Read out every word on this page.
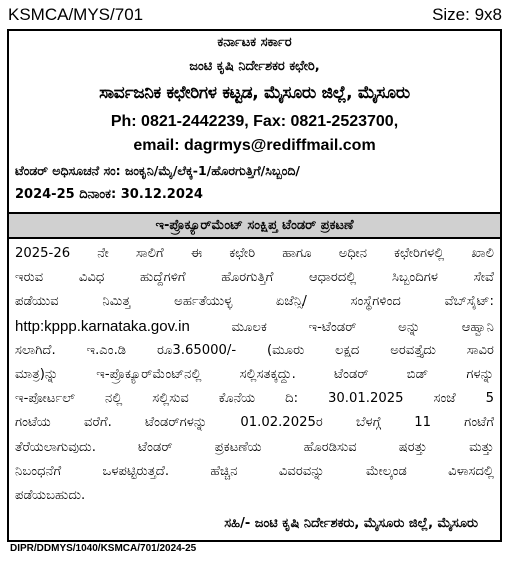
KSMCA/MYS/701	Size: 9x8
ಕರ್ನಾಟಕ ಸರ್ಕಾರ
ಜಂಟಿ ಕೃಷಿ ನಿರ್ದೇಶಕರ ಕಛೇರಿ,
ಸಾರ್ವಜನಿಕ ಕಛೇರಿಗಳ ಕಟ್ಟಡ, ಮೈಸೂರು ಜಿಲ್ಲೆ, ಮೈಸೂರು
Ph: 0821-2442239, Fax: 0821-2523700,
email: dagrmys@rediffmail.com
ಟೆಂಡರ್ ಅಧಿಸೂಚನೆ ಸಂ: ಜಂಕೃನಿ/ಮೈ/ಲೆಕ್ಕ-1/ಹೊರಗುತ್ತಿಗೆ/ಸಿಬ್ಬಂದಿ/
2024-25 ದಿನಾಂಕ: 30.12.2024
ಇ-ಪ್ರೊಕ್ಯೂರ್‌ಮೆಂಟ್ ಸಂಕ್ಷಿಪ್ತ ಟೆಂಡರ್ ಪ್ರಕಟಣೆ
2025-26 ನೇ ಸಾಲಿಗೆ ಈ ಕಛೇರಿ ಹಾಗೂ ಅಧೀನ ಕಛೇರಿಗಳಲ್ಲಿ ಖಾಲಿ
ಇರುವ ವಿವಿಧ ಹುದ್ದೆಗಳಿಗೆ ಹೊರಗುತ್ತಿಗೆ ಆಧಾರದಲ್ಲಿ ಸಿಬ್ಬಂದಿಗಳ ಸೇವೆ
ಪಡೆಯುವ ನಿಮಿತ್ತ ಅರ್ಹತೆಯುಳ್ಳ ಏಜೆನ್ಸಿ/ ಸಂಸ್ಥೆಗಳಿಂದ ವೆಬ್‌ಸೈಟ್:
http:kppp.karnataka.gov.in ಮೂಲಕ ಇ-ಟೆಂಡರ್ ಅನ್ನು ಆಹ್ವಾನಿ
ಸಲಾಗಿದೆ. ಇ.ಎಂ.ಡಿ ರೂ3.65000/- (ಮೂರು ಲಕ್ಷದ ಅರವತ್ತೈದು ಸಾವಿರ
ಮಾತ್ರ)ನ್ನು ಇ-ಪ್ರೊಕ್ಯೂರ್‌ಮೆಂಟ್‌ನಲ್ಲಿ ಸಲ್ಲಿಸತಕ್ಕದ್ದು. ಟೆಂಡರ್ ಬಿಡ್ ಗಳನ್ನು
ಇ-ಪೋರ್ಟಲ್ ನಲ್ಲಿ ಸಲ್ಲಿಸುವ ಕೊನೆಯ ದಿ: 30.01.2025 ಸಂಜೆ 5
ಗಂಟೆಯ ವರೆಗೆ. ಟೆಂಡರ್‌ಗಳನ್ನು 01.02.2025ರ ಬೆಳಗ್ಗೆ 11 ಗಂಟೆಗೆ
ತೆರೆಯಲಾಗುವುದು. ಟೆಂಡರ್ ಪ್ರಕಟಣೆಯ ಹೊರಡಿಸುವ ಷರತ್ತು ಮತ್ತು
ನಿಬಂಧನೆಗೆ ಒಳಪಟ್ಟಿರುತ್ತದೆ. ಹೆಚ್ಚಿನ ವಿವರವನ್ನು ಮೇಲ್ಕಂಡ ವಿಳಾಸದಲ್ಲಿ
ಪಡೆಯಬಹುದು.
ಸಹಿ/- ಜಂಟಿ ಕೃಷಿ ನಿರ್ದೇಶಕರು, ಮೈಸೂರು ಜಿಲ್ಲೆ, ಮೈಸೂರು
DIPR/DDMYS/1040/KSMCA/701/2024-25
